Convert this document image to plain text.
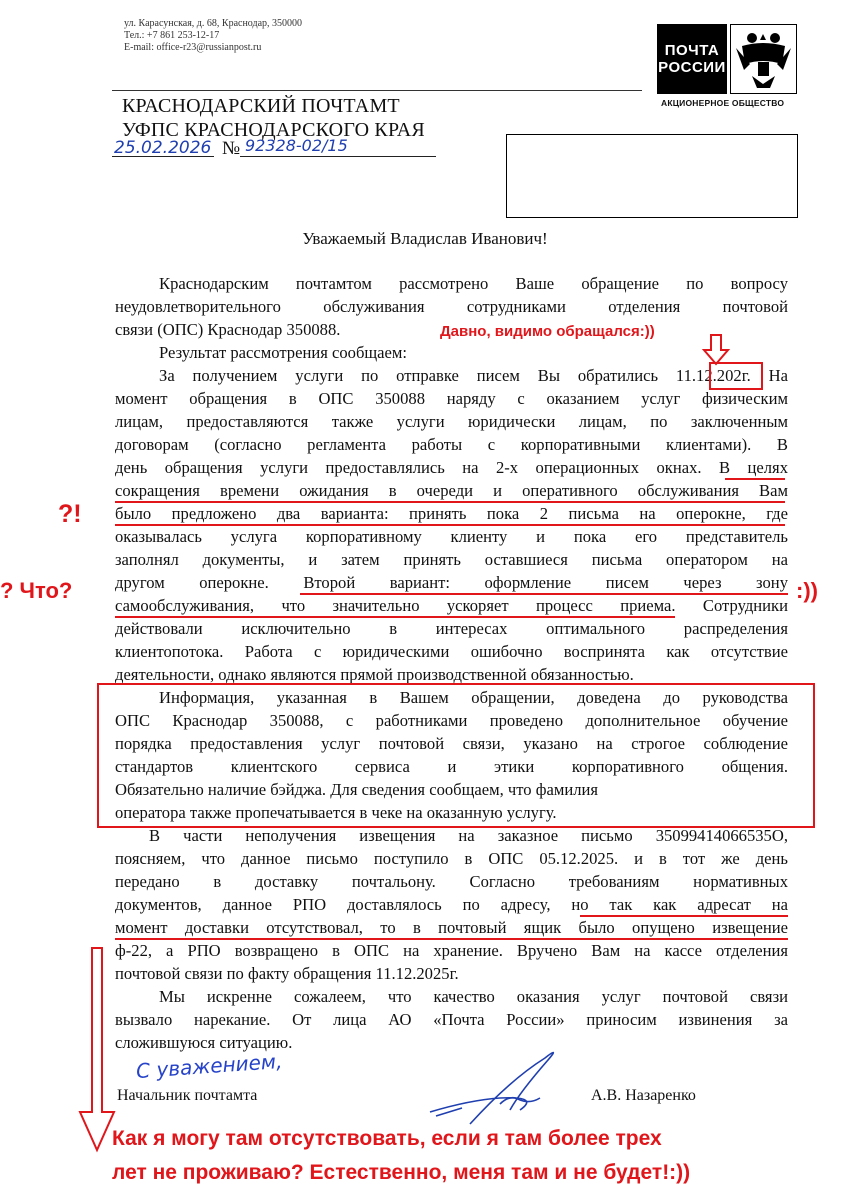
ул. Карасунская, д. 68, Краснодар, 350000
Тел.: +7 861 253-12-17
E-mail: office-r23@russianpost.ru	ПОЧТА
РОССИИ
АКЦИОНЕРНОЕ ОБЩЕСТВО
КРАСНОДАРСКИЙ ПОЧТАМТ
УФПС КРАСНОДАРСКОГО КРАЯ
25.02.2026 № 92328-02/15
Уважаемый Владислав Иванович!
Краснодарским почтамтом рассмотрено Ваше обращение по вопросу
неудовлетворительного обслуживания сотрудниками отделения почтовой
связи (ОПС) Краснодар 350088.
Результат рассмотрения сообщаем:
За получением услуги по отправке писем Вы обратились 11.12.202г. На
момент обращения в ОПС 350088 наряду с оказанием услуг физическим
лицам, предоставляются также услуги юридически лицам, по заключенным
договорам (согласно регламента работы с корпоративными клиентами). В
день обращения услуги предоставлялись на 2-х операционных окнах. В целях
сокращения времени ожидания в очереди и оперативного обслуживания Вам
было предложено два варианта: принять пока 2 письма на оперокне, где
оказывалась услуга корпоративному клиенту и пока его представитель
заполнял документы, и затем принять оставшиеся письма оператором на
другом оперокне. Второй вариант: оформление писем через зону
самообслуживания, что значительно ускоряет процесс приема. Сотрудники
действовали исключительно в интересах оптимального распределения
клиентопотока. Работа с юридическими ошибочно воспринята как отсутствие
деятельности, однако являются прямой производственной обязанностью.
Информация, указанная в Вашем обращении, доведена до руководства
ОПС Краснодар 350088, с работниками проведено дополнительное обучение
порядка предоставления услуг почтовой связи, указано на строгое соблюдение
стандартов клиентского сервиса и этики корпоративного общения.
Обязательно наличие бэйджа. Для сведения сообщаем, что фамилия
оператора также пропечатывается в чеке на оказанную услугу.
В части неполучения извещения на заказное письмо 35099414066535О,
поясняем, что данное письмо поступило в ОПС 05.12.2025. и в тот же день
передано в доставку почтальону. Согласно требованиям нормативных
документов, данное РПО доставлялось по адресу, но так как адресат на
момент доставки отсутствовал, то в почтовый ящик было опущено извещение
ф-22, а РПО возвращено в ОПС на хранение. Вручено Вам на кассе отделения
почтовой связи по факту обращения 11.12.2025г.
Мы искренне сожалеем, что качество оказания услуг почтовой связи
вызвало нарекание. От лица АО «Почта России» приносим извинения за
сложившуюся ситуацию.
Давно, видимо обращался:))
?!
? Что?	:))
Как я могу там отсутствовать, если я там более трех
лет не проживаю? Естественно, меня там и не будет!:))
С уважением,
Начальник почтамта	А.В. Назаренко
